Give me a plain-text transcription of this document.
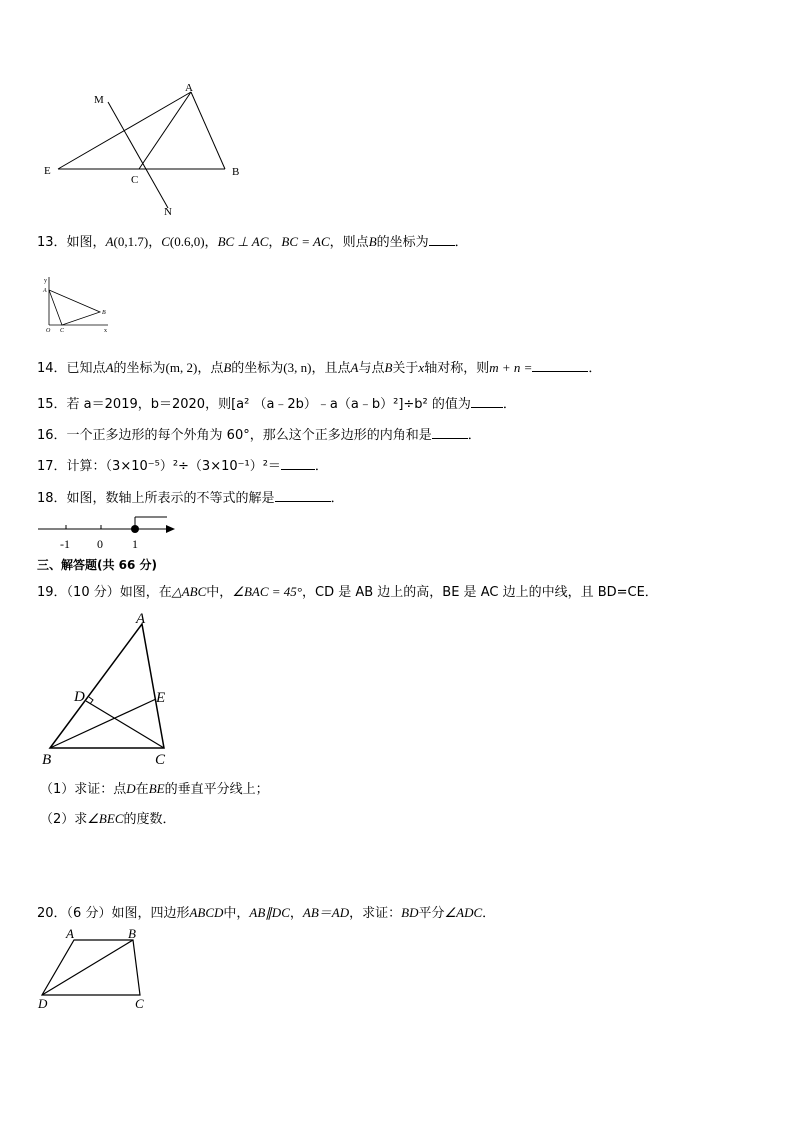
M
A
E
C
B
N
13．如图，A(0,1.7)，C(0.6,0)，BC ⊥ AC，BC = AC，则点B的坐标为 ．
y
A
B
O C	x
14．已知点A的坐标为(m, 2)，点B的坐标为(3, n)，且点A与点B关于x轴对称，则m + n =	．
15．若 a＝2019，b＝2020，则[a² （a﹣2b）﹣a（a﹣b）²]÷b² 的值为 ．
16．一个正多边形的每个外角为 60°，那么这个正多边形的内角和是	．
17．计算：（3×10⁻⁵）²÷（3×10⁻¹）²＝	．
18．如图，数轴上所表示的不等式的解是	．
-1 0 1
三、解答题(共 66 分)
19．（10 分）如图，在△ABC中，∠BAC = 45°，CD 是 AB 边上的高，BE 是 AC 边上的中线，且 BD=CE．
A
D	E
B	C
（1）求证：点D在BE的垂直平分线上；
（2）求∠BEC的度数．
20．（6 分）如图，四边形ABCD中，AB∥DC，AB＝AD，求证：BD平分∠ADC．
A	B
D	C
